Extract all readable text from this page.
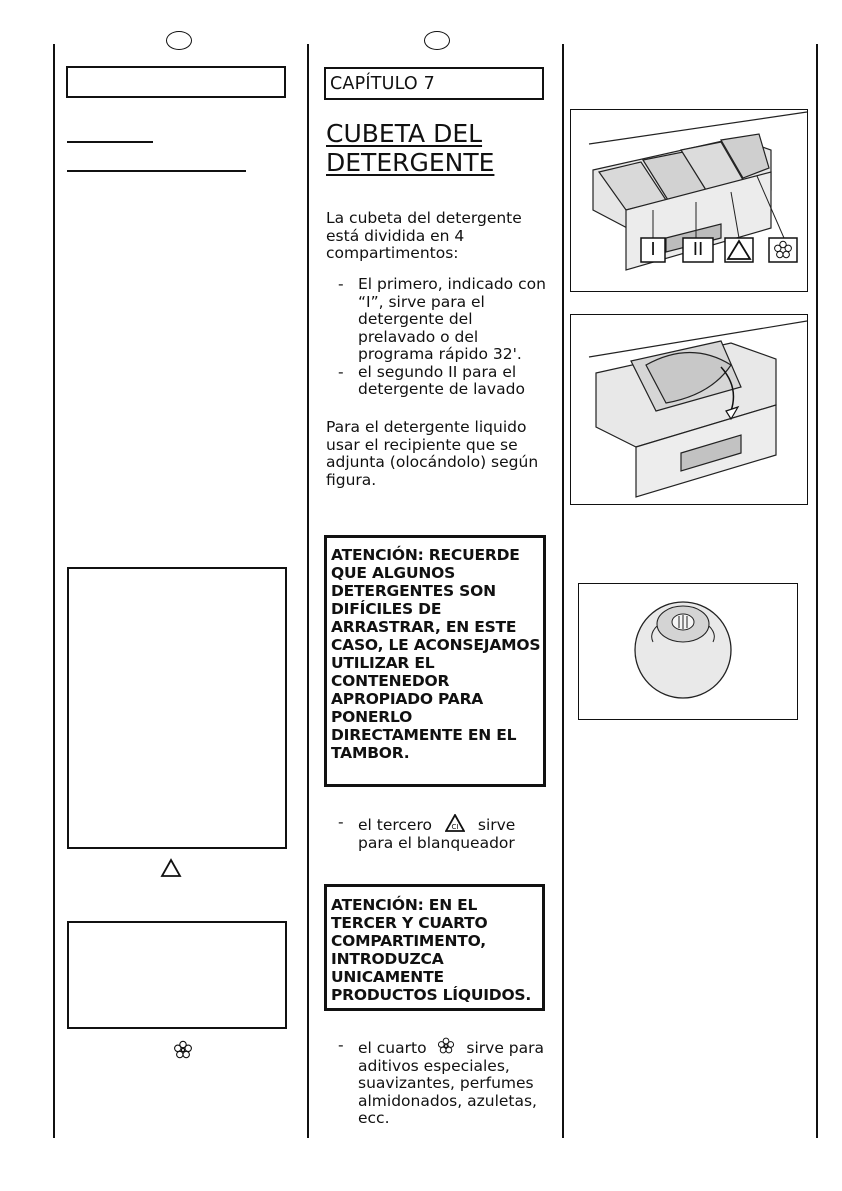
CAPÍTULO 7
CUBETA DEL
DETERGENTE
La cubeta del detergente está dividida en 4 compartimentos:
- El primero, indicado con “I”, sirve para el detergente del prelavado o del programa rápido 32'.
- el segundo II para el detergente de lavado
Para el detergente liquido usar el recipiente que se adjunta (olocándolo) según figura.
ATENCIÓN: RECUERDE QUE ALGUNOS DETERGENTES SON DIFÍCILES DE ARRASTRAR, EN ESTE CASO, LE ACONSEJAMOS UTILIZAR EL CONTENEDOR APROPIADO PARA PONERLO DIRECTAMENTE EN EL TAMBOR.
- el tercero	CI sirve para el blanqueador
ATENCIÓN: EN EL TERCER Y CUARTO COMPARTIMENTO, INTRODUZCA UNICAMENTE PRODUCTOS LÍQUIDOS.
- el cuarto	sirve para aditivos especiales, suavizantes, perfumes almidonados, azuletas, ecc.
I	II
